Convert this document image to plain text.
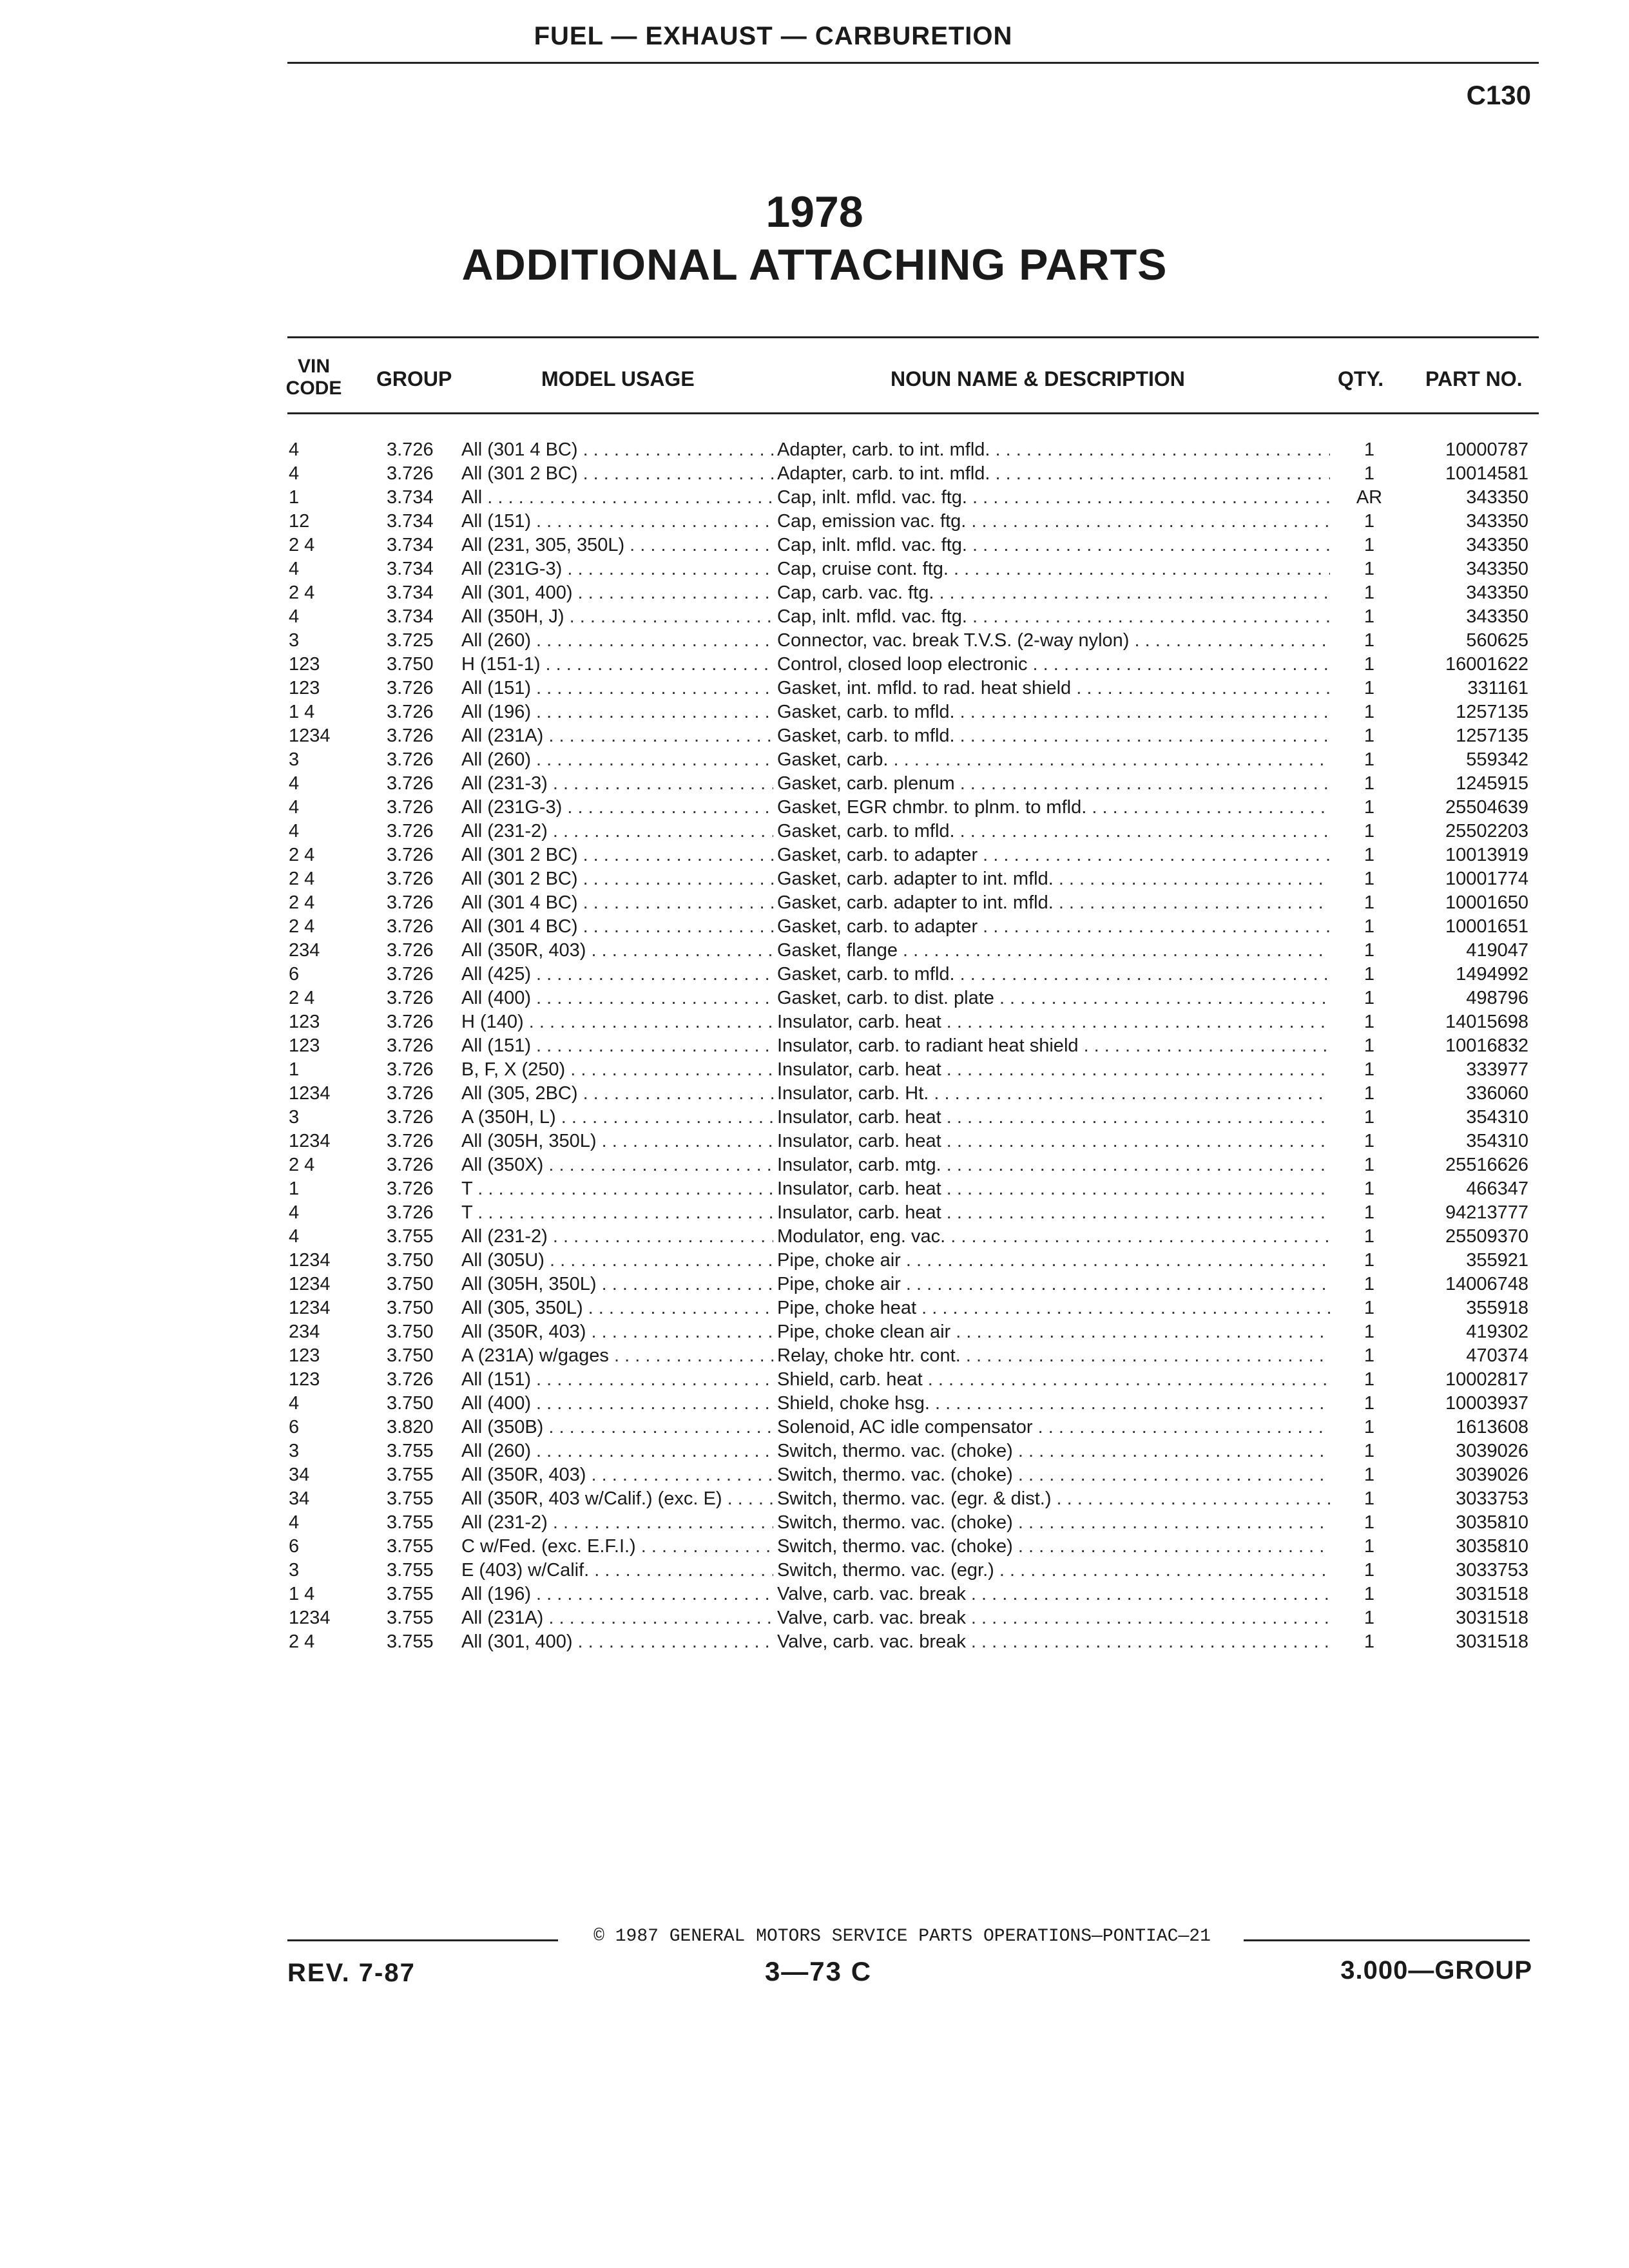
FUEL — EXHAUST — CARBURETION
C130
1978
ADDITIONAL ATTACHING PARTS
VIN
CODE	GROUP	MODEL USAGE	NOUN NAME & DESCRIPTION	QTY. PART NO.
4	3.726	All (301 4 BC) . . .	Adapter, carb. to int. mfld. . . .	1	10000787
4	3.726	All (301 2 BC) . . .	Adapter, carb. to int. mfld. . . .	1	10014581
1	3.734	All . . .	Cap, inlt. mfld. vac. ftg. . . .	AR	343350
12	3.734	All (151) . . .	Cap, emission vac. ftg. . . .	1	343350
2 4	3.734	All (231, 305, 350L) . . .	Cap, inlt. mfld. vac. ftg. . . .	1	343350
4	3.734	All (231G-3) . . .	Cap, cruise cont. ftg. . . .	1	343350
2 4	3.734	All (301, 400) . . .	Cap, carb. vac. ftg. . . .	1	343350
4	3.734	All (350H, J) . . .	Cap, inlt. mfld. vac. ftg. . . .	1	343350
3	3.725	All (260) . . .	Connector, vac. break T.V.S. (2-way nylon) . . .	1	560625
123	3.750	H (151-1) . . .	Control, closed loop electronic . . .	1	16001622
123	3.726	All (151) . . .	Gasket, int. mfld. to rad. heat shield . . .	1	331161
1 4	3.726	All (196) . . .	Gasket, carb. to mfld. . . .	1	1257135
1234	3.726	All (231A) . . .	Gasket, carb. to mfld. . . .	1	1257135
3	3.726	All (260) . . .	Gasket, carb. . . .	1	559342
4	3.726	All (231-3) . . .	Gasket, carb. plenum . . .	1	1245915
4	3.726	All (231G-3) . . .	Gasket, EGR chmbr. to plnm. to mfld. . . .	1	25504639
4	3.726	All (231-2) . . .	Gasket, carb. to mfld. . . .	1	25502203
2 4	3.726	All (301 2 BC) . . .	Gasket, carb. to adapter . . .	1	10013919
2 4	3.726	All (301 2 BC) . . .	Gasket, carb. adapter to int. mfld. . . .	1	10001774
2 4	3.726	All (301 4 BC) . . .	Gasket, carb. adapter to int. mfld. . . .	1	10001650
2 4	3.726	All (301 4 BC) . . .	Gasket, carb. to adapter . . .	1	10001651
234	3.726	All (350R, 403) . . .	Gasket, flange . . .	1	419047
6	3.726	All (425) . . .	Gasket, carb. to mfld. . . .	1	1494992
2 4	3.726	All (400) . . .	Gasket, carb. to dist. plate . . .	1	498796
123	3.726	H (140) . . .	Insulator, carb. heat . . .	1	14015698
123	3.726	All (151) . . .	Insulator, carb. to radiant heat shield . . .	1	10016832
1	3.726	B, F, X (250) . . .	Insulator, carb. heat . . .	1	333977
1234	3.726	All (305, 2BC) . . .	Insulator, carb. Ht. . . .	1	336060
3	3.726	A (350H, L) . . .	Insulator, carb. heat . . .	1	354310
1234	3.726	All (305H, 350L) . . .	Insulator, carb. heat . . .	1	354310
2 4	3.726	All (350X) . . .	Insulator, carb. mtg. . . .	1	25516626
1	3.726	T . . .	Insulator, carb. heat . . .	1	466347
4	3.726	T . . .	Insulator, carb. heat . . .	1	94213777
4	3.755	All (231-2) . . .	Modulator, eng. vac. . . .	1	25509370
1234	3.750	All (305U) . . .	Pipe, choke air . . .	1	355921
1234	3.750	All (305H, 350L) . . .	Pipe, choke air . . .	1	14006748
1234	3.750	All (305, 350L) . . .	Pipe, choke heat . . .	1	355918
234	3.750	All (350R, 403) . . .	Pipe, choke clean air . . .	1	419302
123	3.750	A (231A) w/gages . . .	Relay, choke htr. cont. . . .	1	470374
123	3.726	All (151) . . .	Shield, carb. heat . . .	1	10002817
4	3.750	All (400) . . .	Shield, choke hsg. . . .	1	10003937
6	3.820	All (350B) . . .	Solenoid, AC idle compensator . . .	1	1613608
3	3.755	All (260) . . .	Switch, thermo. vac. (choke) . . .	1	3039026
34	3.755	All (350R, 403) . . .	Switch, thermo. vac. (choke) . . .	1	3039026
34	3.755	All (350R, 403 w/Calif.) (exc. E) . . .	Switch, thermo. vac. (egr. & dist.) . . .	1	3033753
4	3.755	All (231-2) . . .	Switch, thermo. vac. (choke) . . .	1	3035810
6	3.755	C w/Fed. (exc. E.F.I.) . . .	Switch, thermo. vac. (choke) . . .	1	3035810
3	3.755	E (403) w/Calif. . . .	Switch, thermo. vac. (egr.) . . .	1	3033753
1 4	3.755	All (196) . . .	Valve, carb. vac. break . . .	1	3031518
1234	3.755	All (231A) . . .	Valve, carb. vac. break . . .	1	3031518
2 4	3.755	All (301, 400) . . .	Valve, carb. vac. break . . .	1	3031518
© 1987 GENERAL MOTORS SERVICE PARTS OPERATIONS—PONTIAC—21
REV. 7-87	3—73 C	3.000—GROUP
